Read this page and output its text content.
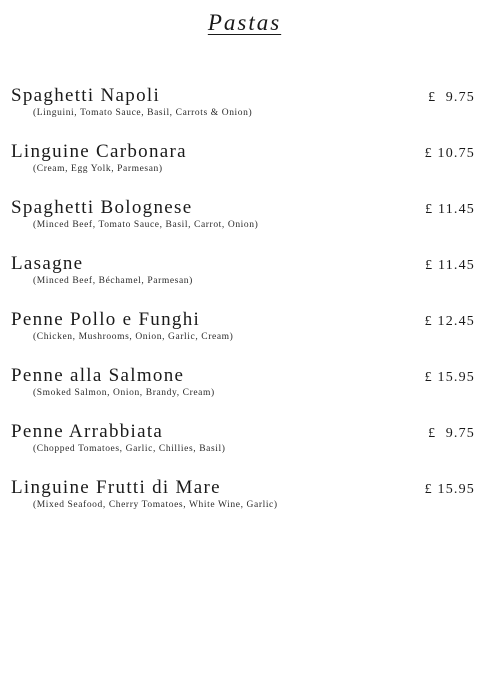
Pastas
Spaghetti Napoli
(Linguini, Tomato Sauce, Basil, Carrots & Onion)
£  9.75
Linguine Carbonara
(Cream, Egg Yolk, Parmesan)
£ 10.75
Spaghetti Bolognese
(Minced Beef, Tomato Sauce, Basil, Carrot, Onion)
£ 11.45
Lasagne
(Minced Beef, Béchamel, Parmesan)
£ 11.45
Penne Pollo e Funghi
(Chicken, Mushrooms, Onion, Garlic, Cream)
£ 12.45
Penne alla Salmone
(Smoked Salmon, Onion, Brandy, Cream)
£ 15.95
Penne Arrabbiata
(Chopped Tomatoes, Garlic, Chillies, Basil)
£  9.75
Linguine Frutti di Mare
(Mixed Seafood, Cherry Tomatoes, White Wine, Garlic)
£ 15.95
